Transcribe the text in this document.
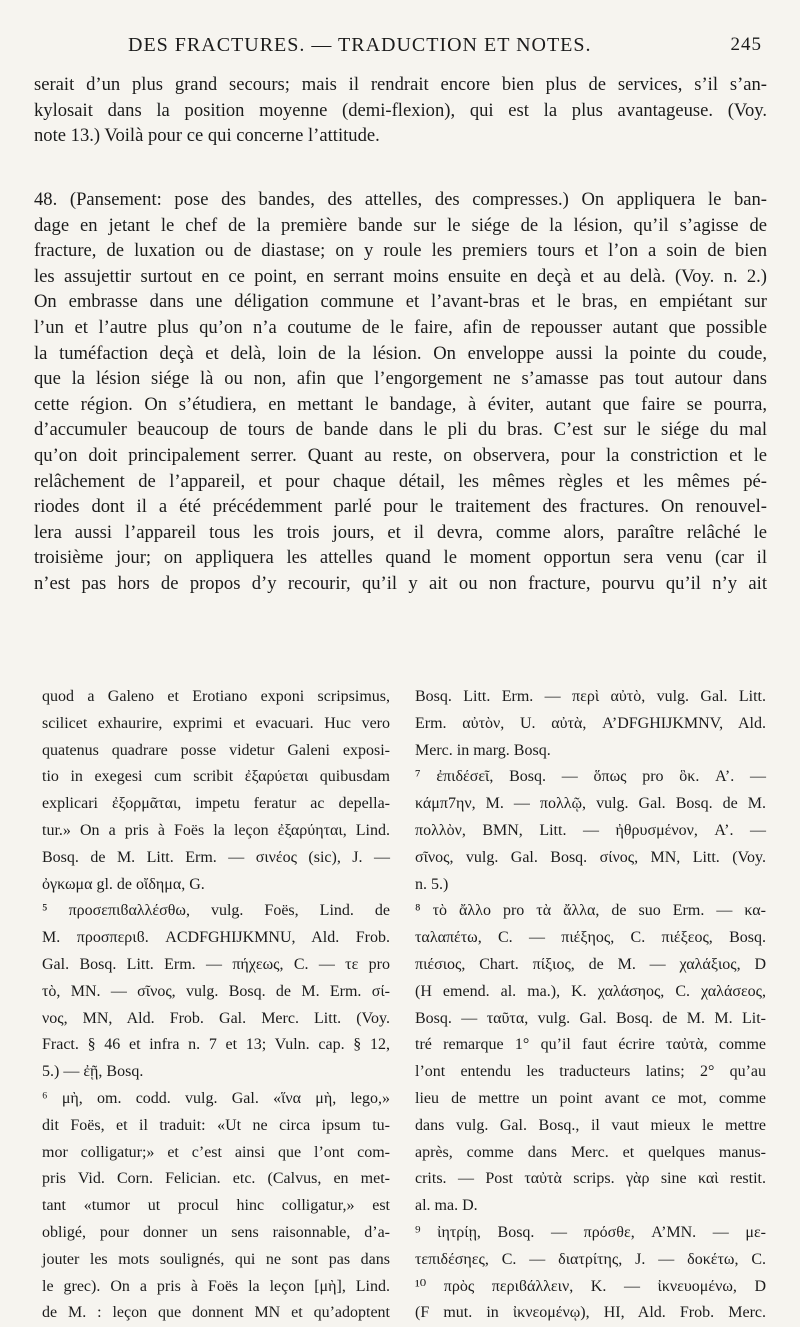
DES FRACTURES. — TRADUCTION ET NOTES.	245
serait d’un plus grand secours; mais il rendrait encore bien plus de services, s’il s’an-
kylosait dans la position moyenne (demi-flexion), qui est la plus avantageuse. (Voy.
note 13.) Voilà pour ce qui concerne l’attitude.
48. (Pansement: pose des bandes, des attelles, des compresses.) On appliquera le ban-
dage en jetant le chef de la première bande sur le siége de la lésion, qu’il s’agisse de
fracture, de luxation ou de diastase; on y roule les premiers tours et l’on a soin de bien
les assujettir surtout en ce point, en serrant moins ensuite en deçà et au delà. (Voy. n. 2.)
On embrasse dans une déligation commune et l’avant-bras et le bras, en empiétant sur
l’un et l’autre plus qu’on n’a coutume de le faire, afin de repousser autant que possible
la tuméfaction deçà et delà, loin de la lésion. On enveloppe aussi la pointe du coude,
que la lésion siége là ou non, afin que l’engorgement ne s’amasse pas tout autour dans
cette région. On s’étudiera, en mettant le bandage, à éviter, autant que faire se pourra,
d’accumuler beaucoup de tours de bande dans le pli du bras. C’est sur le siége du mal
qu’on doit principalement serrer. Quant au reste, on observera, pour la constriction et le
relâchement de l’appareil, et pour chaque détail, les mêmes règles et les mêmes pé-
riodes dont il a été précédemment parlé pour le traitement des fractures. On renouvel-
lera aussi l’appareil tous les trois jours, et il devra, comme alors, paraître relâché le
troisième jour; on appliquera les attelles quand le moment opportun sera venu (car il
n’est pas hors de propos d’y recourir, qu’il y ait ou non fracture, pourvu qu’il n’y ait
quod a Galeno et Erotiano exponi scripsimus,
scilicet exhaurire, exprimi et evacuari. Huc vero
quatenus quadrare posse videtur Galeni exposi-
tio in exegesi cum scribit ἐξαρύεται quibusdam
explicari ἐξορμᾶται, impetu feratur ac depella-
tur.» On a pris à Foës la leçon ἐξαρύηται, Lind.
Bosq. de M. Litt. Erm. — σινέος (sic), J. —
ὀγκωμα gl. de οἴδημα, G.
⁵ προσεπιϐαλλέσθω, vulg. Foës, Lind. de
M. προσπεριϐ. ACDFGHIJKMNU, Ald. Frob.
Gal. Bosq. Litt. Erm. — πήχεως, C. — τε pro
τὸ, MN. — σῖνος, vulg. Bosq. de M. Erm. σί-
νος, MN, Ald. Frob. Gal. Merc. Litt. (Voy.
Fract. § 46 et infra n. 7 et 13; Vuln. cap. § 12,
5.) — ἐῇ, Bosq.
⁶ μὴ, om. codd. vulg. Gal. «ἵνα μὴ, lego,»
dit Foës, et il traduit: «Ut ne circa ipsum tu-
mor colligatur;» et c’est ainsi que l’ont com-
pris Vid. Corn. Felician. etc. (Calvus, en met-
tant «tumor ut procul hinc colligatur,» est
obligé, pour donner un sens raisonnable, d’a-
jouter les mots soulignés, qui ne sont pas dans
le grec). On a pris à Foës la leçon [μὴ], Lind.
de M. : leçon que donnent MN et qu’adoptent
Bosq. Litt. Erm. — περὶ αὐτὸ, vulg. Gal. Litt.
Erm. αὐτὸν, U. αὐτὰ, A’DFGHIJKMNV, Ald.
Merc. in marg. Bosq.
⁷ ἐπιδέσεῖ, Bosq. — ὅπως pro ὃκ. A’. —
κάμπ7ην, M. — πολλῷ, vulg. Gal. Bosq. de M.
πολλὸν, BMN, Litt. — ἠθρυσμένον, A’. —
σῖνος, vulg. Gal. Bosq. σίνος, MN, Litt. (Voy.
n. 5.)
⁸ τὸ ἄλλο pro τὰ ἄλλα, de suo Erm. — κα-
ταλαπέτω, C. — πιέξηος, C. πιέξεος, Bosq.
πιέσιος, Chart. πίξιος, de M. — χαλάξιος, D
(H emend. al. ma.), K. χαλάσηος, C. χαλάσεος,
Bosq. — ταῦτα, vulg. Gal. Bosq. de M. M. Lit-
tré remarque 1° qu’il faut écrire ταὐτὰ, comme
l’ont entendu les traducteurs latins; 2° qu’au
lieu de mettre un point avant ce mot, comme
dans vulg. Gal. Bosq., il vaut mieux le mettre
après, comme dans Merc. et quelques manus-
crits. — Post ταὐτὰ scrips. γὰρ sine καὶ restit.
al. ma. D.
⁹ ἰητρίῃ, Bosq. — πρόσθε, A’MN. — με-
τεπιδέσηες, C. — διατρίτης, J. — δοκέτω, C.
¹⁰ πρὸς περιϐάλλειν, K. — ἰκνευομένω, D
(F mut. in ἰκνεομένῳ), HI, Ald. Frob. Merc.
